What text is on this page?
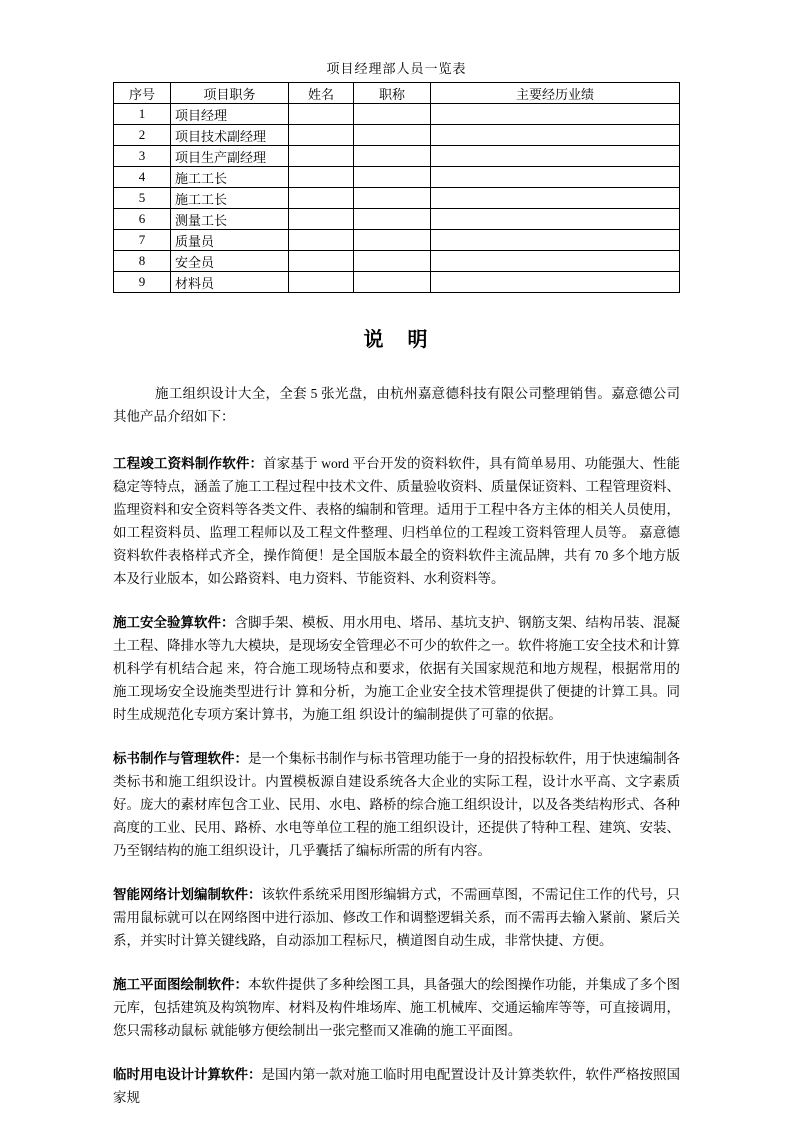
项目经理部人员一览表
序号	项目职务	姓名	职称	主要经历业绩
1	项目经理			
2	项目技术副经理			
3	项目生产副经理			
4	施工工长			
5	施工工长			
6	测量工长			
7	质量员			
8	安全员			
9	材料员			
说　明

施工组织设计大全，全套 5 张光盘，由杭州嘉意德科技有限公司整理销售。嘉意德公司其他产品介绍如下：

工程竣工资料制作软件：首家基于 word 平台开发的资料软件，具有简单易用、功能强大、性能稳定等特点，涵盖了施工工程过程中技术文件、质量验收资料、质量保证资料、工程管理资料、监理资料和安全资料等各类文件、表格的编制和管理。适用于工程中各方主体的相关人员使用，如工程资料员、监理工程师以及工程文件整理、归档单位的工程竣工资料管理人员等。 嘉意德资料软件表格样式齐全，操作简便！是全国版本最全的资料软件主流品牌，共有 70 多个地方版本及行业版本，如公路资料、电力资料、节能资料、水利资料等。

施工安全验算软件：含脚手架、模板、用水用电、塔吊、基坑支护、钢筋支架、结构吊装、混凝土工程、降排水等九大模块，是现场安全管理必不可少的软件之一。软件将施工安全技术和计算机科学有机结合起 来，符合施工现场特点和要求，依据有关国家规范和地方规程，根据常用的施工现场安全设施类型进行计 算和分析，为施工企业安全技术管理提供了便捷的计算工具。同时生成规范化专项方案计算书，为施工组 织设计的编制提供了可靠的依据。

标书制作与管理软件：是一个集标书制作与标书管理功能于一身的招投标软件，用于快速编制各类标书和施工组织设计。内置模板源自建设系统各大企业的实际工程，设计水平高、文字素质好。庞大的素材库包含工业、民用、水电、路桥的综合施工组织设计，以及各类结构形式、各种高度的工业、民用、路桥、水电等单位工程的施工组织设计，还提供了特种工程、建筑、安装、乃至钢结构的施工组织设计，几乎囊括了编标所需的所有内容。

智能网络计划编制软件：该软件系统采用图形编辑方式，不需画草图，不需记住工作的代号，只需用鼠标就可以在网络图中进行添加、修改工作和调整逻辑关系，而不需再去输入紧前、紧后关系，并实时计算关键线路，自动添加工程标尺，横道图自动生成，非常快捷、方便。

施工平面图绘制软件：本软件提供了多种绘图工具，具备强大的绘图操作功能，并集成了多个图元库，包括建筑及构筑物库、材料及构件堆场库、施工机械库、交通运输库等等，可直接调用，您只需移动鼠标 就能够方便绘制出一张完整而又准确的施工平面图。

临时用电设计计算软件：是国内第一款对施工临时用电配置设计及计算类软件，软件严格按照国家规
